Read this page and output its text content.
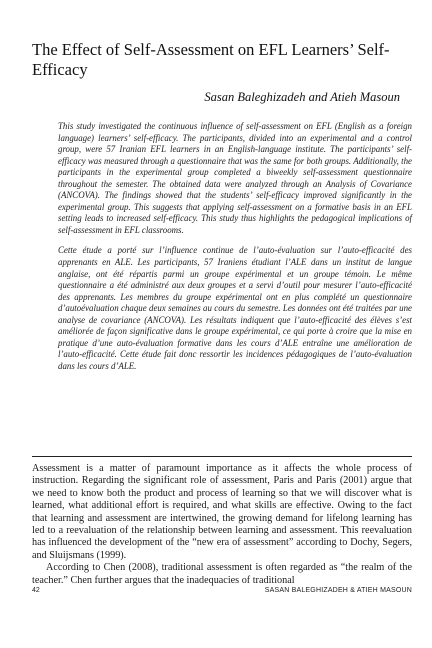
The Effect of Self-Assessment on EFL Learners’ Self-Efficacy

Sasan Baleghizadeh and Atieh Masoun

This study investigated the continuous influence of self-assessment on EFL (English as a foreign language) learners’ self-efficacy. The participants, divided into an experimental and a control group, were 57 Iranian EFL learners in an English-language institute. The participants’ self-efficacy was measured through a questionnaire that was the same for both groups. Additionally, the participants in the experimental group completed a biweekly self-assessment questionnaire throughout the semester. The obtained data were analyzed through an Analysis of Covariance (ANCOVA). The findings showed that the students’ self-efficacy improved significantly in the experimental group. This suggests that applying self-assessment on a formative basis in an EFL setting leads to increased self-efficacy. This study thus highlights the pedagogical implications of self-assessment in EFL classrooms.

Cette étude a porté sur l’influence continue de l’auto-évaluation sur l’auto-efficacité des apprenants en ALE. Les participants, 57 Iraniens étudiant l’ALE dans un institut de langue anglaise, ont été répartis parmi un groupe expérimental et un groupe témoin. Le même questionnaire a été administré aux deux groupes et a servi d’outil pour mesurer l’auto-efficacité des apprenants. Les membres du groupe expérimental ont en plus complété un questionnaire d’autoévaluation chaque deux semaines au cours du semestre. Les données ont été traitées par une analyse de covariance (ANCOVA). Les résultats indiquent que l’auto-efficacité des élèves s’est améliorée de façon significative dans le groupe expérimental, ce qui porte à croire que la mise en pratique d’une auto-évaluation formative dans les cours d’ALE entraîne une amélioration de l’auto-efficacité. Cette étude fait donc ressortir les incidences pédagogiques de l’auto-évaluation dans les cours d’ALE.

Assessment is a matter of paramount importance as it affects the whole process of instruction. Regarding the significant role of assessment, Paris and Paris (2001) argue that we need to know both the product and process of learning so that we will discover what is learned, what additional effort is required, and what skills are effective. Owing to the fact that learning and assessment are intertwined, the growing demand for lifelong learning has led to a reevaluation of the relationship between learning and assessment. This reevaluation has influenced the development of the “new era of assessment” according to Dochy, Segers, and Sluijsmans (1999).

According to Chen (2008), traditional assessment is often regarded as “the realm of the teacher.” Chen further argues that the inadequacies of traditional

42	SASAN BALEGHIZADEH & ATIEH MASOUN
